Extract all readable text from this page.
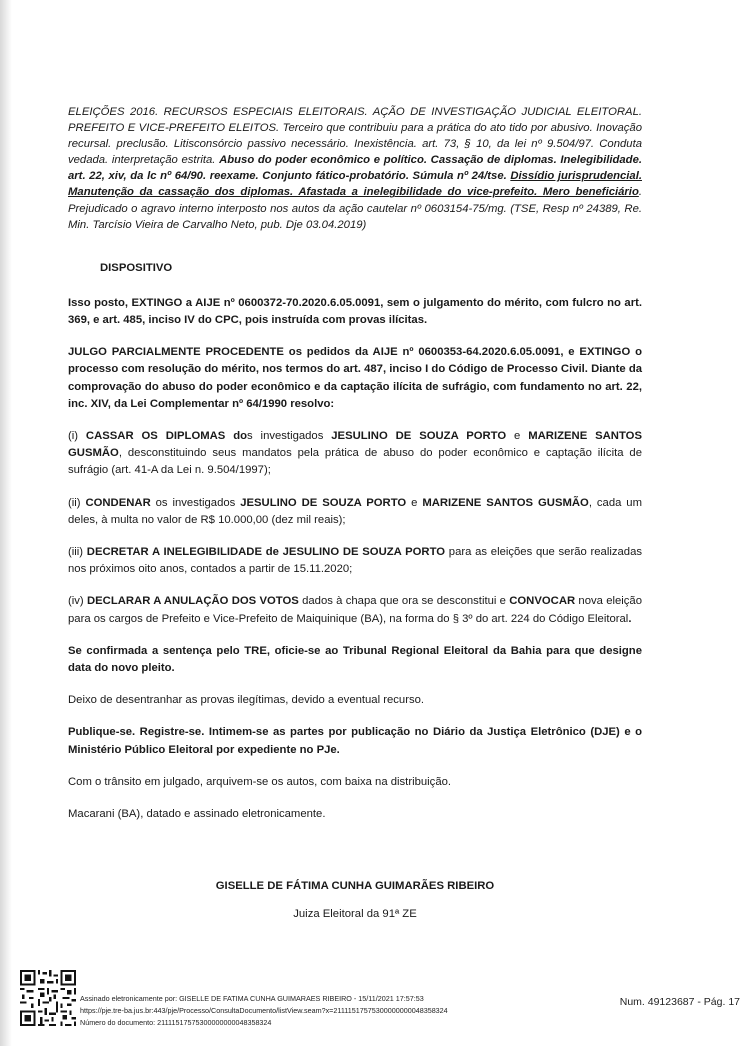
ELEIÇÕES 2016. RECURSOS ESPECIAIS ELEITORAIS. AÇÃO DE INVESTIGAÇÃO JUDICIAL ELEITORAL. PREFEITO E VICE-PREFEITO ELEITOS. Terceiro que contribuiu para a prática do ato tido por abusivo. Inovação recursal. preclusão. Litisconsórcio passivo necessário. Inexistência. art. 73, § 10, da lei nº 9.504/97. Conduta vedada. interpretação estrita. Abuso do poder econômico e político. Cassação de diplomas. Inelegibilidade. art. 22, xiv, da lc nº 64/90. reexame. Conjunto fático-probatório. Súmula nº 24/tse. Dissídio jurisprudencial. Manutenção da cassação dos diplomas. Afastada a inelegibilidade do vice-prefeito. Mero beneficiário. Prejudicado o agravo interno interposto nos autos da ação cautelar nº 0603154-75/mg. (TSE, Resp nº 24389, Re. Min. Tarcísio Vieira de Carvalho Neto, pub. Dje 03.04.2019)

DISPOSITIVO

Isso posto, EXTINGO a AIJE nº 0600372-70.2020.6.05.0091, sem o julgamento do mérito, com fulcro no art. 369, e art. 485, inciso IV do CPC, pois instruída com provas ilícitas.

JULGO PARCIALMENTE PROCEDENTE os pedidos da AIJE nº 0600353-64.2020.6.05.0091, e EXTINGO o processo com resolução do mérito, nos termos do art. 487, inciso I do Código de Processo Civil. Diante da comprovação do abuso do poder econômico e da captação ilícita de sufrágio, com fundamento no art. 22, inc. XIV, da Lei Complementar nº 64/1990 resolvo:

(i) CASSAR OS DIPLOMAS dos investigados JESULINO DE SOUZA PORTO e MARIZENE SANTOS GUSMÃO, desconstituindo seus mandatos pela prática de abuso do poder econômico e captação ilícita de sufrágio (art. 41-A da Lei n. 9.504/1997);

(ii) CONDENAR os investigados JESULINO DE SOUZA PORTO e MARIZENE SANTOS GUSMÃO, cada um deles, à multa no valor de R$ 10.000,00 (dez mil reais);

(iii) DECRETAR A INELEGIBILIDADE de JESULINO DE SOUZA PORTO para as eleições que serão realizadas nos próximos oito anos, contados a partir de 15.11.2020;

(iv) DECLARAR A ANULAÇÃO DOS VOTOS dados à chapa que ora se desconstitui e CONVOCAR nova eleição para os cargos de Prefeito e Vice-Prefeito de Maiquinique (BA), na forma do § 3º do art. 224 do Código Eleitoral.

Se confirmada a sentença pelo TRE, oficie-se ao Tribunal Regional Eleitoral da Bahia para que designe data do novo pleito.

Deixo de desentranhar as provas ilegítimas, devido a eventual recurso.

Publique-se. Registre-se. Intimem-se as partes por publicação no Diário da Justiça Eletrônico (DJE) e o Ministério Público Eleitoral por expediente no PJe.

Com o trânsito em julgado, arquivem-se os autos, com baixa na distribuição.

Macarani (BA), datado e assinado eletronicamente.

GISELLE DE FÁTIMA CUNHA GUIMARÃES RIBEIRO
Juiza Eleitoral da 91ª ZE
Assinado eletronicamente por: GISELLE DE FATIMA CUNHA GUIMARAES RIBEIRO - 15/11/2021 17:57:53
https://pje.tre-ba.jus.br:443/pje/Processo/ConsultaDocumento/listView.seam?x=21111517575300000000048358324
Número do documento: 21111517575300000000048358324
Num. 49123687 - Pág. 17
